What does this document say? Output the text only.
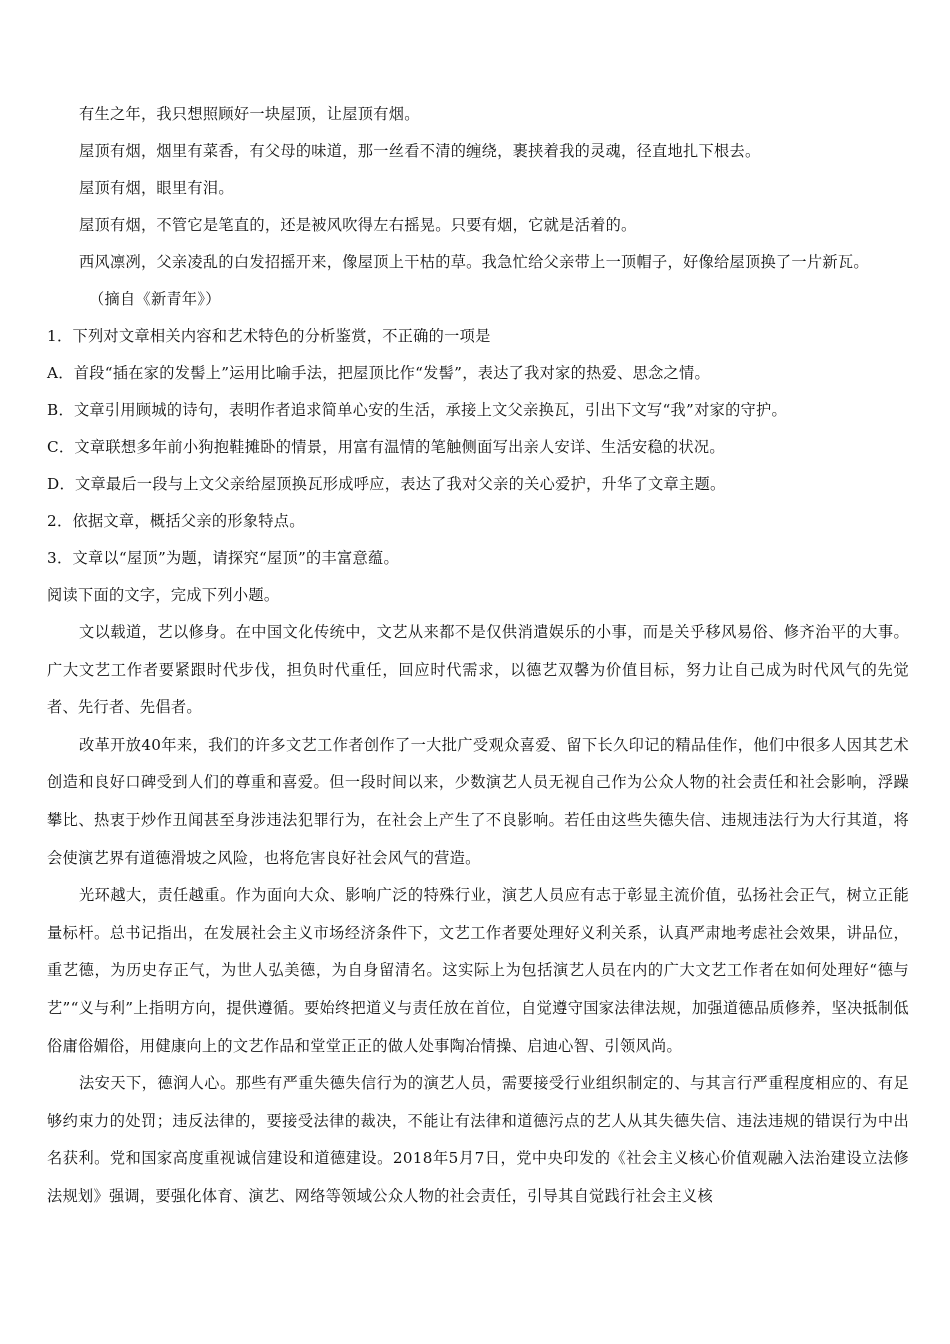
有生之年，我只想照顾好一块屋顶，让屋顶有烟。

屋顶有烟，烟里有菜香，有父母的味道，那一丝看不清的缠绕，裹挟着我的灵魂，径直地扎下根去。

屋顶有烟，眼里有泪。

屋顶有烟，不管它是笔直的，还是被风吹得左右摇晃。只要有烟，它就是活着的。

西风凛冽，父亲凌乱的白发招摇开来，像屋顶上干枯的草。我急忙给父亲带上一顶帽子，好像给屋顶换了一片新瓦。

（摘自《新青年》）

1．下列对文章相关内容和艺术特色的分析鉴赏，不正确的一项是

A．首段“插在家的发髻上”运用比喻手法，把屋顶比作“发髻”，表达了我对家的热爱、思念之情。

B．文章引用顾城的诗句，表明作者追求简单心安的生活，承接上文父亲换瓦，引出下文写“我”对家的守护。

C．文章联想多年前小狗抱鞋摊卧的情景，用富有温情的笔触侧面写出亲人安详、生活安稳的状况。

D．文章最后一段与上文父亲给屋顶换瓦形成呼应，表达了我对父亲的关心爱护，升华了文章主题。

2．依据文章，概括父亲的形象特点。

3．文章以“屋顶”为题，请探究“屋顶”的丰富意蕴。

阅读下面的文字，完成下列小题。

文以载道，艺以修身。在中国文化传统中，文艺从来都不是仅供消遣娱乐的小事，而是关乎移风易俗、修齐治平的大事。广大文艺工作者要紧跟时代步伐，担负时代重任，回应时代需求，以德艺双馨为价值目标，努力让自己成为时代风气的先觉者、先行者、先倡者。

改革开放40年来，我们的许多文艺工作者创作了一大批广受观众喜爱、留下长久印记的精品佳作，他们中很多人因其艺术创造和良好口碑受到人们的尊重和喜爱。但一段时间以来，少数演艺人员无视自己作为公众人物的社会责任和社会影响，浮躁攀比、热衷于炒作丑闻甚至身涉违法犯罪行为，在社会上产生了不良影响。若任由这些失德失信、违规违法行为大行其道，将会使演艺界有道德滑坡之风险，也将危害良好社会风气的营造。

光环越大，责任越重。作为面向大众、影响广泛的特殊行业，演艺人员应有志于彰显主流价值，弘扬社会正气，树立正能量标杆。总书记指出，在发展社会主义市场经济条件下，文艺工作者要处理好义利关系，认真严肃地考虑社会效果，讲品位，重艺德，为历史存正气，为世人弘美德，为自身留清名。这实际上为包括演艺人员在内的广大文艺工作者在如何处理好“德与艺”“义与利”上指明方向，提供遵循。要始终把道义与责任放在首位，自觉遵守国家法律法规，加强道德品质修养，坚决抵制低俗庸俗媚俗，用健康向上的文艺作品和堂堂正正的做人处事陶冶情操、启迪心智、引领风尚。

法安天下，德润人心。那些有严重失德失信行为的演艺人员，需要接受行业组织制定的、与其言行严重程度相应的、有足够约束力的处罚；违反法律的，要接受法律的裁决，不能让有法律和道德污点的艺人从其失德失信、违法违规的错误行为中出名获利。党和国家高度重视诚信建设和道德建设。2018年5月7日，党中央印发的《社会主义核心价值观融入法治建设立法修法规划》强调，要强化体育、演艺、网络等领域公众人物的社会责任，引导其自觉践行社会主义核
